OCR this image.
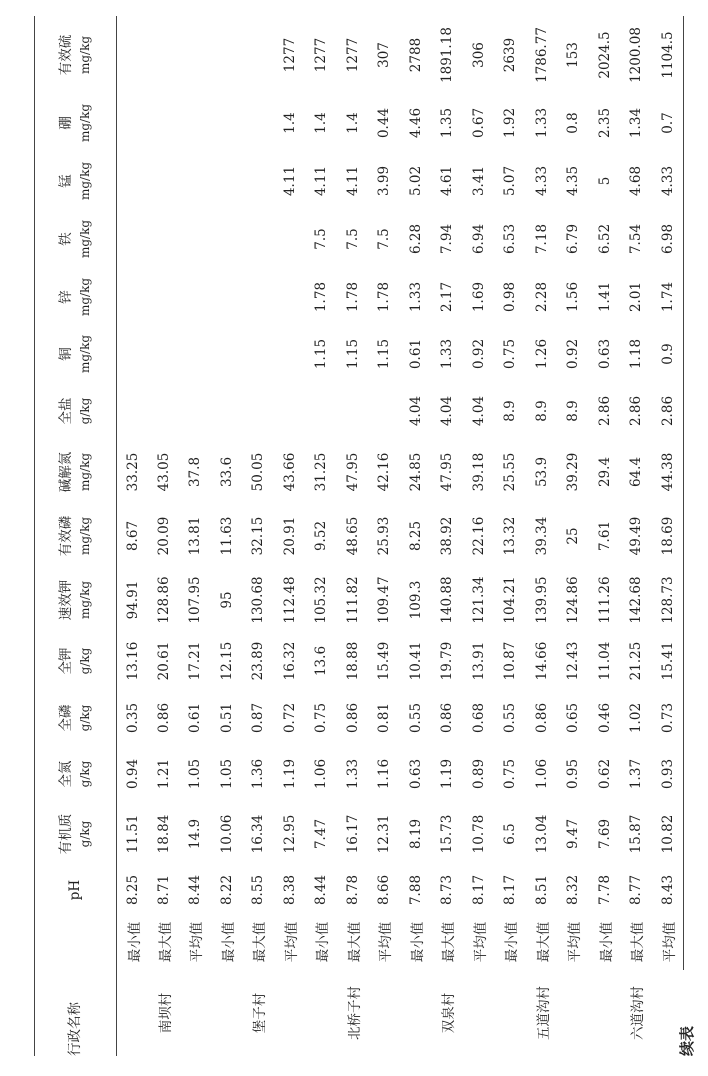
续表
行政名称		pH	有机质 g/kg	全氮 g/kg	全磷 g/kg	全钾 g/kg	速效钾 mg/kg	有效磷 mg/kg	碱解氮 mg/kg	全盐 g/kg	铜 mg/kg	锌 mg/kg	铁 mg/kg	锰 mg/kg	硼 mg/kg	有效硫 mg/kg

南坝村	最小值	8.25	11.51	0.94	0.35	13.16	94.91	8.67	33.25							
	最大值	8.71	18.84	1.21	0.86	20.61	128.86	20.09	43.05							
	平均值	8.44	14.9	1.05	0.61	17.21	107.95	13.81	37.8							
堡子村	最小值	8.22	10.06	1.05	0.51	12.15	95	11.63	33.6							
	最大值	8.55	16.34	1.36	0.87	23.89	130.68	32.15	50.05							
	平均值	8.38	12.95	1.19	0.72	16.32	112.48	20.91	43.66					4.11	1.4	1277
北桥子村	最小值	8.44	7.47	1.06	0.75	13.6	105.32	9.52	31.25		1.15	1.78	7.5	4.11	1.4	1277
	最大值	8.78	16.17	1.33	0.86	18.88	111.82	48.65	47.95		1.15	1.78	7.5	4.11	1.4	1277
	平均值	8.66	12.31	1.16	0.81	15.49	109.47	25.93	42.16		1.15	1.78	7.5	3.99	0.44	307
双泉村	最小值	7.88	8.19	0.63	0.55	10.41	109.3	8.25	24.85	4.04	0.61	1.33	6.28	5.02	4.46	2788
	最大值	8.73	15.73	1.19	0.86	19.79	140.88	38.92	47.95	4.04	1.33	2.17	7.94	4.61	1.35	1891.18
	平均值	8.17	10.78	0.89	0.68	13.91	121.34	22.16	39.18	4.04	0.92	1.69	6.94	3.41	0.67	306
五道沟村	最小值	8.17	6.5	0.75	0.55	10.87	104.21	13.32	25.55	8.9	0.75	0.98	6.53	5.07	1.92	2639
	最大值	8.51	13.04	1.06	0.86	14.66	139.95	39.34	53.9	8.9	1.26	2.28	7.18	4.33	1.33	1786.77
	平均值	8.32	9.47	0.95	0.65	12.43	124.86	25	39.29	8.9	0.92	1.56	6.79	4.35	0.8	153
六道沟村	最小值	7.78	7.69	0.62	0.46	11.04	111.26	7.61	29.4	2.86	0.63	1.41	6.52	5	2.35	2024.5
	最大值	8.77	15.87	1.37	1.02	21.25	142.68	49.49	64.4	2.86	1.18	2.01	7.54	4.68	1.34	1200.08
	平均值	8.43	10.82	0.93	0.73	15.41	128.73	18.69	44.38	2.86	0.9	1.74	6.98	4.33	0.7	1104.5
